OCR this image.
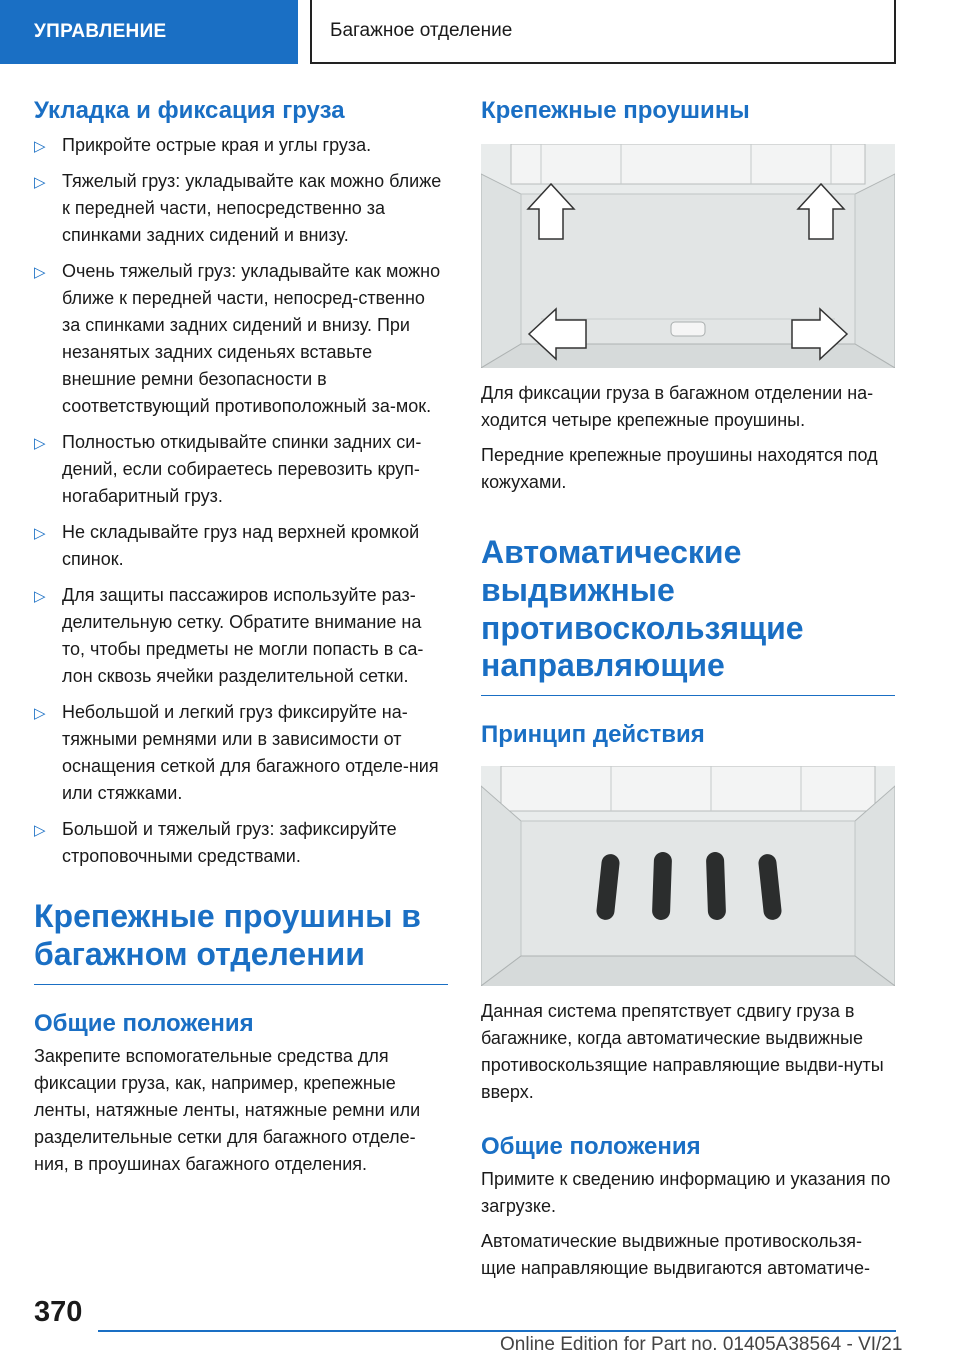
УПРАВЛЕНИЕ	Багажное отделение
Укладка и фиксация груза
▷ Прикройте острые края и углы груза.
▷ Тяжелый груз: укладывайте как можно ближе к передней части, непосредственно за спинками задних сидений и внизу.
▷ Очень тяжелый груз: укладывайте как можно ближе к передней части, непосред-ственно за спинками задних сидений и внизу. При незанятых задних сиденьях вставьте внешние ремни безопасности в соответствующий противоположный за-мок.
▷ Полностью откидывайте спинки задних си-дений, если собираетесь перевозить круп-ногабаритный груз.
▷ Не складывайте груз над верхней кромкой спинок.
▷ Для защиты пассажиров используйте раз-делительную сетку. Обратите внимание на то, чтобы предметы не могли попасть в са-лон сквозь ячейки разделительной сетки.
▷ Небольшой и легкий груз фиксируйте на-тяжными ремнями или в зависимости от оснащения сеткой для багажного отделе-ния или стяжками.
▷ Большой и тяжелый груз: зафиксируйте строповочными средствами.
Крепежные проушины в багажном отделении
Общие положения

Закрепите вспомогательные средства для фиксации груза, как, например, крепежные ленты, натяжные ленты, натяжные ремни или разделительные сетки для багажного отделе-ния, в проушинах багажного отделения.

Крепежные проушины

Для фиксации груза в багажном отделении на-ходится четыре крепежные проушины.

Передние крепежные проушины находятся под кожухами.

Автоматические выдвижные противоскользящие направляющие
Принцип действия

Данная система препятствует сдвигу груза в багажнике, когда автоматические выдвижные противоскользящие направляющие выдви-нуты вверх.

Общие положения

Примите к сведению информацию и указания по загрузке.

Автоматические выдвижные противоскользя-щие направляющие выдвигаются автоматиче-

370
Online Edition for Part no. 01405A38564 - VI/21
